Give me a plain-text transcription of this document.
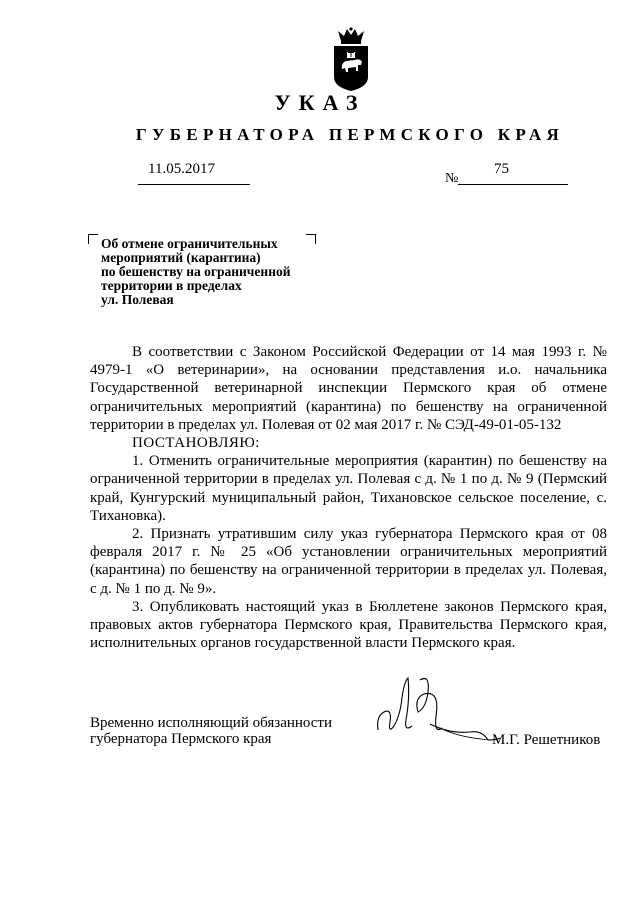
УКАЗ
ГУБЕРНАТОРА ПЕРМСКОГО КРАЯ
11.05.2017
№
75
Об отмене ограничительных
мероприятий (карантина)
по бешенству на ограниченной
территории в пределах
ул. Полевая

В соответствии с Законом Российской Федерации от 14 мая 1993 г. № 4979-1 «О ветеринарии», на основании представления и.о. начальника Государственной ветеринарной инспекции Пермского края об отмене ограничительных мероприятий (карантина) по бешенству на ограниченной территории в пределах ул. Полевая от 02 мая 2017 г. № СЭД-49-01-05-132

ПОСТАНОВЛЯЮ:

1. Отменить ограничительные мероприятия (карантин) по бешенству на ограниченной территории в пределах ул. Полевая с д. № 1 по д. № 9 (Пермский край, Кунгурский муниципальный район, Тихановское сельское поселение, с. Тихановка).

2. Признать утратившим силу указ губернатора Пермского края от 08 февраля 2017 г. № 25 «Об установлении ограничительных мероприятий (карантина) по бешенству на ограниченной территории в пределах ул. Полевая, с д. № 1 по д. № 9».

3. Опубликовать настоящий указ в Бюллетене законов Пермского края, правовых актов губернатора Пермского края, Правительства Пермского края, исполнительных органов государственной власти Пермского края.

Временно исполняющий обязанности
губернатора Пермского края	М.Г. Решетников
